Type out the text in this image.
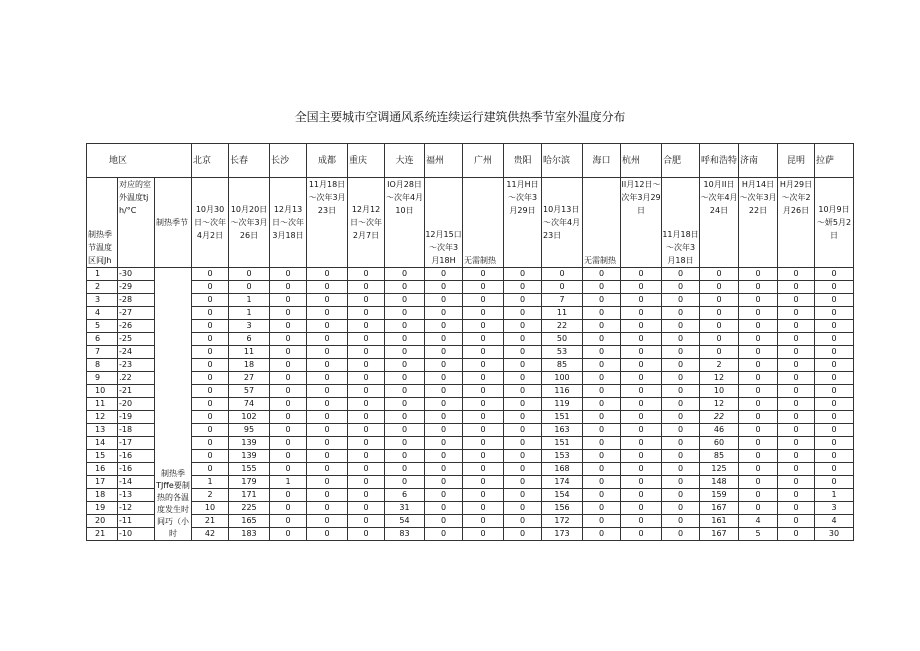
全国主要城市空调通风系统连续运行建筑供热季节室外温度分布
地区			北京	长春	长沙	成都	重庆	大连	福州	广州	贵阳	哈尔滨	海口	杭州	合肥	呼和浩特	济南	昆明	拉萨
制热季节温度区间Jh	对应的室外温度tjh/°C	制热季节	10月30日～次年4月2日	10月20日～次年3月26日	12月13日～次年3月18日	11月18日～次年3月23日	12月12日～次年2月7日	IO月28日～次年4月10日	12月15口～次年3月18H	无需制热	11月H日～次年3月29日	10月13日～次年4月23日	无需制热	II月12日～次年3月29日	11月18日～次年3月18日	10月II日～次年4月24日	H月14日～次年3月22日	H月29日～次年2月26日	10月9日～妍5月2日
1	-30	制热季TJffe要制热的各温度发生时间巧（小时	0	0	0	0	0	0	0	0	0	0	0	0	0	0	0	0	0
2	-29		0	0	0	0	0	0	0	0	0	0	0	0	0	0	0	0	0
3	-28		0	1	0	0	0	0	0	0	0	7	0	0	0	0	0	0	0
4	-27		0	1	0	0	0	0	0	0	0	11	0	0	0	0	0	0	0
5	-26		0	3	0	0	0	0	0	0	0	22	0	0	0	0	0	0	0
6	-25		0	6	0	0	0	0	0	0	0	50	0	0	0	0	0	0	0
7	-24		0	11	0	0	0	0	0	0	0	53	0	0	0	0	0	0	0
8	-23		0	18	0	0	0	0	0	0	0	85	0	0	0	2	0	0	0
9	.22		0	27	0	0	0	0	0	0	0	100	0	0	0	12	0	0	0
10	-21		0	57	0	0	0	0	0	0	0	116	0	0	0	10	0	0	0
11	-20		0	74	0	0	0	0	0	0	0	119	0	0	0	12	0	0	0
12	-19		0	102	0	0	0	0	0	0	0	151	0	0	0	22	0	0	0
13	-18		0	95	0	0	0	0	0	0	0	163	0	0	0	46	0	0	0
14	-17		0	139	0	0	0	0	0	0	0	151	0	0	0	60	0	0	0
15	-16		0	139	0	0	0	0	0	0	0	153	0	0	0	85	0	0	0
16	-16		0	155	0	0	0	0	0	0	0	168	0	0	0	125	0	0	0
17	-14		1	179	1	0	0	0	0	0	0	174	0	0	0	148	0	0	0
18	-13		2	171	0	0	0	6	0	0	0	154	0	0	0	159	0	0	1
19	-12		10	225	0	0	0	31	0	0	0	156	0	0	0	167	0	0	3
20	-11		21	165	0	0	0	54	0	0	0	172	0	0	0	161	4	0	4
21	-10		42	183	0	0	0	83	0	0	0	173	0	0	0	167	5	0	30
